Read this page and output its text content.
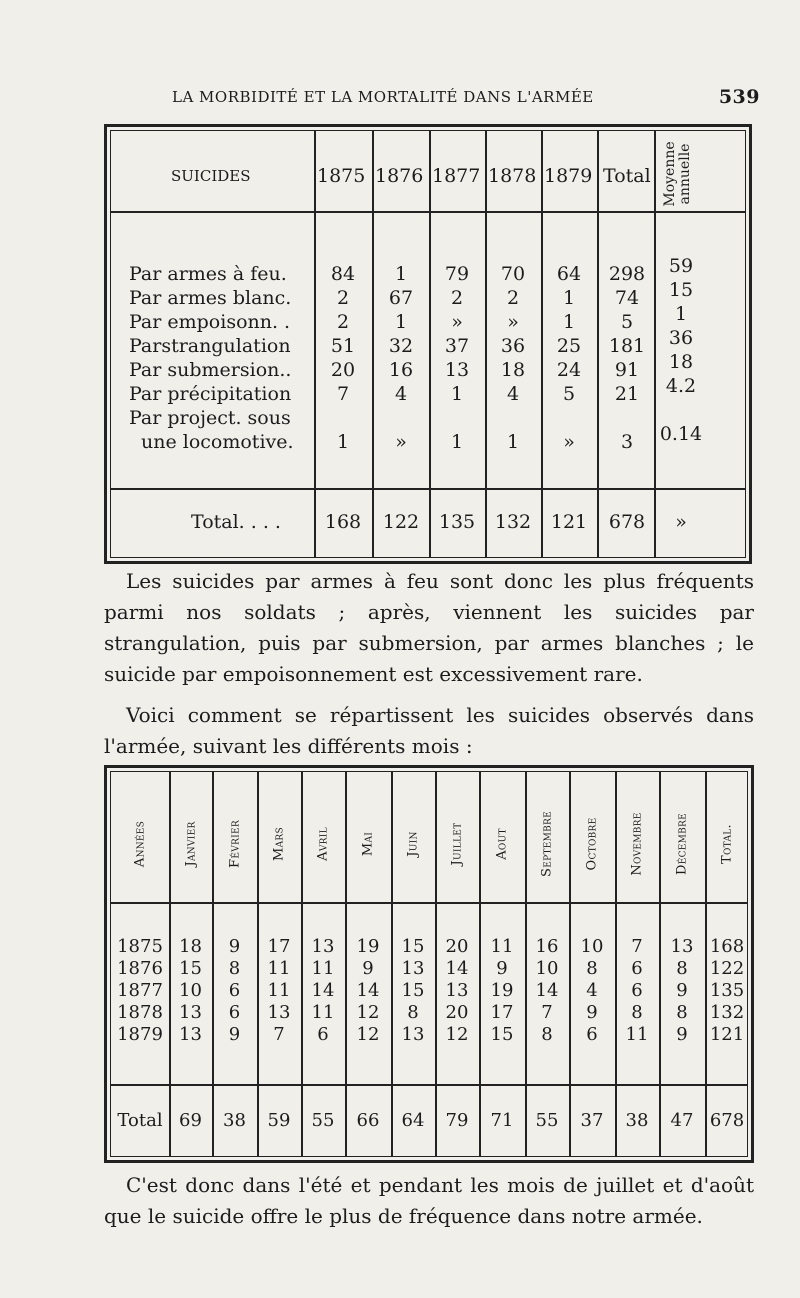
LA MORBIDITÉ ET LA MORTALITÉ DANS L'ARMÉE	539
SUICIDES	1875 1876 1877 1878 1879 Total Moyenne annuelle
Par armes à feu.	84	1	79	70	64	298	59
Par armes blanc.	2	67	2	2	1	74	15
Par empoisonn. .	2	1	»	»	1	5	1
Parstrangulation	51	32	37	36	25	181	36
Par submersion..	20	16	13	18	24	91	18
Par précipitation	7	4	1	4	5	21	4.2
Par project. sous
une locomotive.	1	»	1	1	»	3	0.14
Total. . . .	168	122	135	132	121	678	»
Les suicides par armes à feu sont donc les plus fréquents parmi nos soldats ; après, viennent les suicides par strangulation, puis par submersion, par armes blanches ; le suicide par empoisonnement est excessivement rare.
Voici comment se répartissent les suicides observés dans l'armée, suivant les différents mois :
Années	Janvier Février Mars Avril Mai Juin Juillet Aout Septembre Octobre Novembre Décembre Total.
1875 18	9	17	13	19	15	20	11	16	10	7	13 168
1876 15	8	11	11	9	13	14	9	10	8	6	8	122
1877 10	6	11	14	14	15	13	19	14	4	6	9	135
1878 13	6	13	11	12	8	20	17	7	9	8	8	132
1879 13	9	7	6	12	13	12	15	8	6	11	9	121
Total 69	38	59	55	66	64	79	71	55	37	38	47 678
C'est donc dans l'été et pendant les mois de juillet et d'août que le suicide offre le plus de fréquence dans notre armée.
